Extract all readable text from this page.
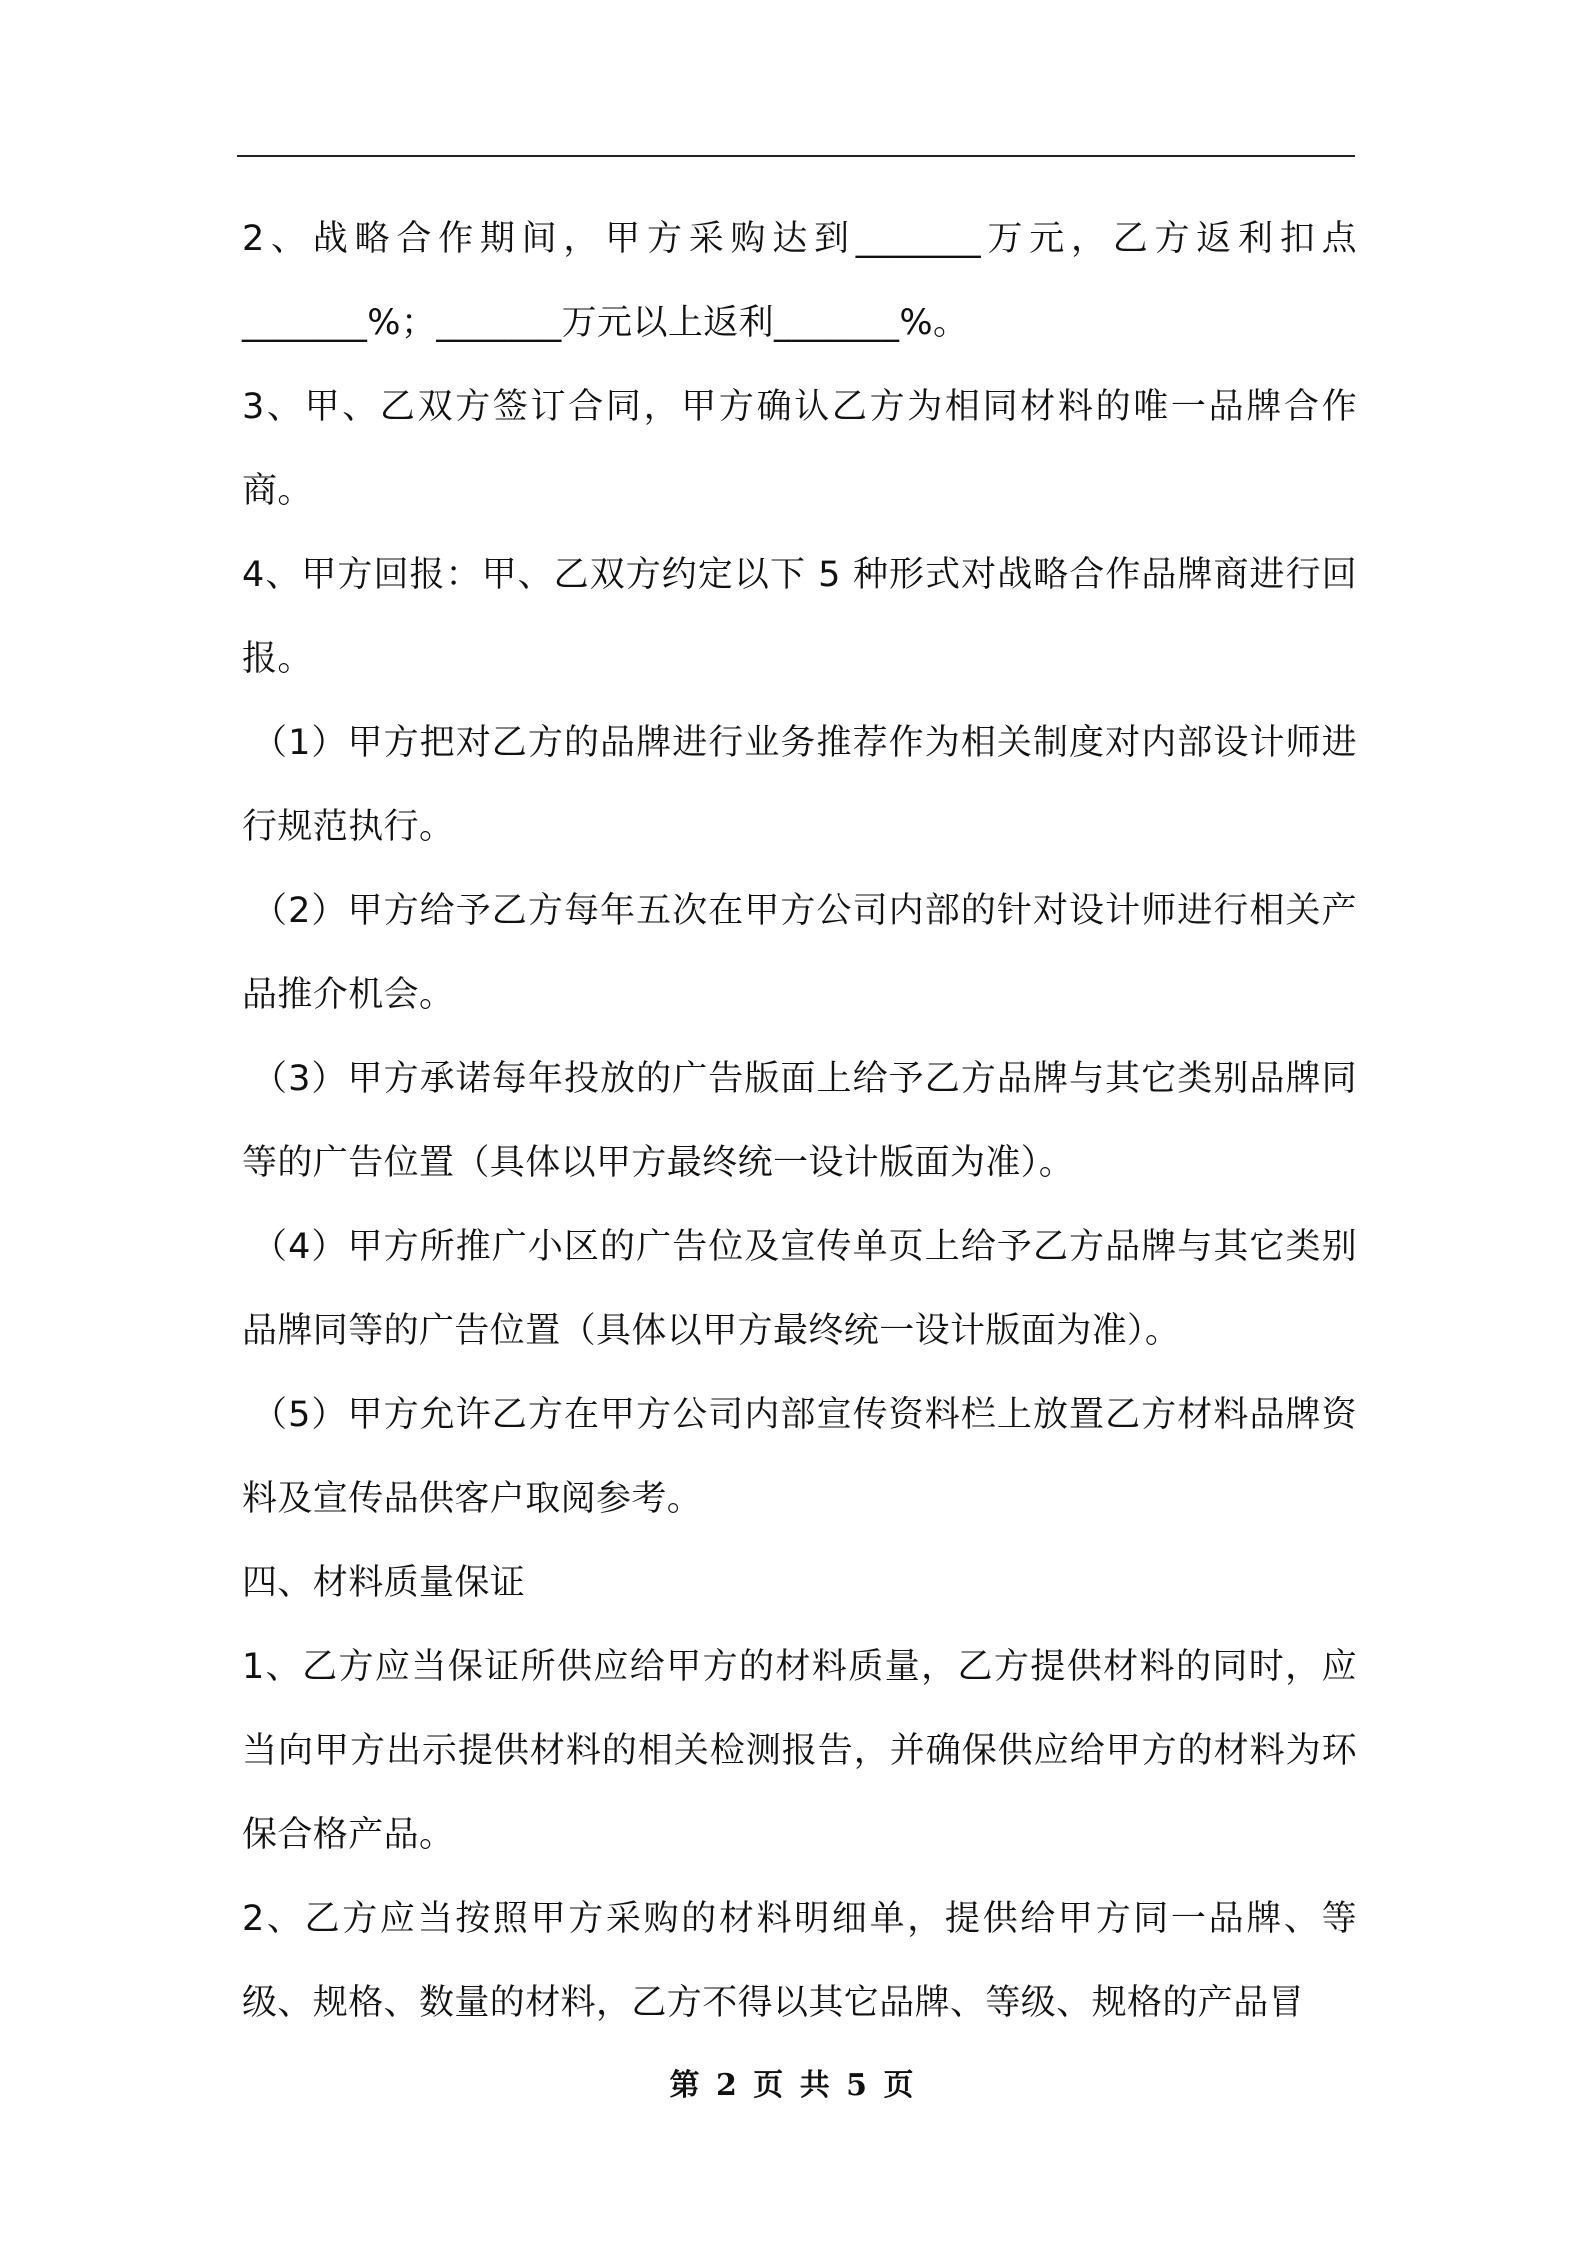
2、战略合作期间，甲方采购达到_______万元，乙方返利扣点_______%；_______万元以上返利_______%。

3、甲、乙双方签订合同，甲方确认乙方为相同材料的唯一品牌合作商。

4、甲方回报：甲、乙双方约定以下 5 种形式对战略合作品牌商进行回报。

（1）甲方把对乙方的品牌进行业务推荐作为相关制度对内部设计师进行规范执行。

（2）甲方给予乙方每年五次在甲方公司内部的针对设计师进行相关产品推介机会。

（3）甲方承诺每年投放的广告版面上给予乙方品牌与其它类别品牌同等的广告位置（具体以甲方最终统一设计版面为准）。

（4）甲方所推广小区的广告位及宣传单页上给予乙方品牌与其它类别品牌同等的广告位置（具体以甲方最终统一设计版面为准）。

（5）甲方允许乙方在甲方公司内部宣传资料栏上放置乙方材料品牌资料及宣传品供客户取阅参考。

四、材料质量保证

1、乙方应当保证所供应给甲方的材料质量，乙方提供材料的同时，应当向甲方出示提供材料的相关检测报告，并确保供应给甲方的材料为环保合格产品。

2、乙方应当按照甲方采购的材料明细单，提供给甲方同一品牌、等级、规格、数量的材料，乙方不得以其它品牌、等级、规格的产品冒

第 2 页 共 5 页
